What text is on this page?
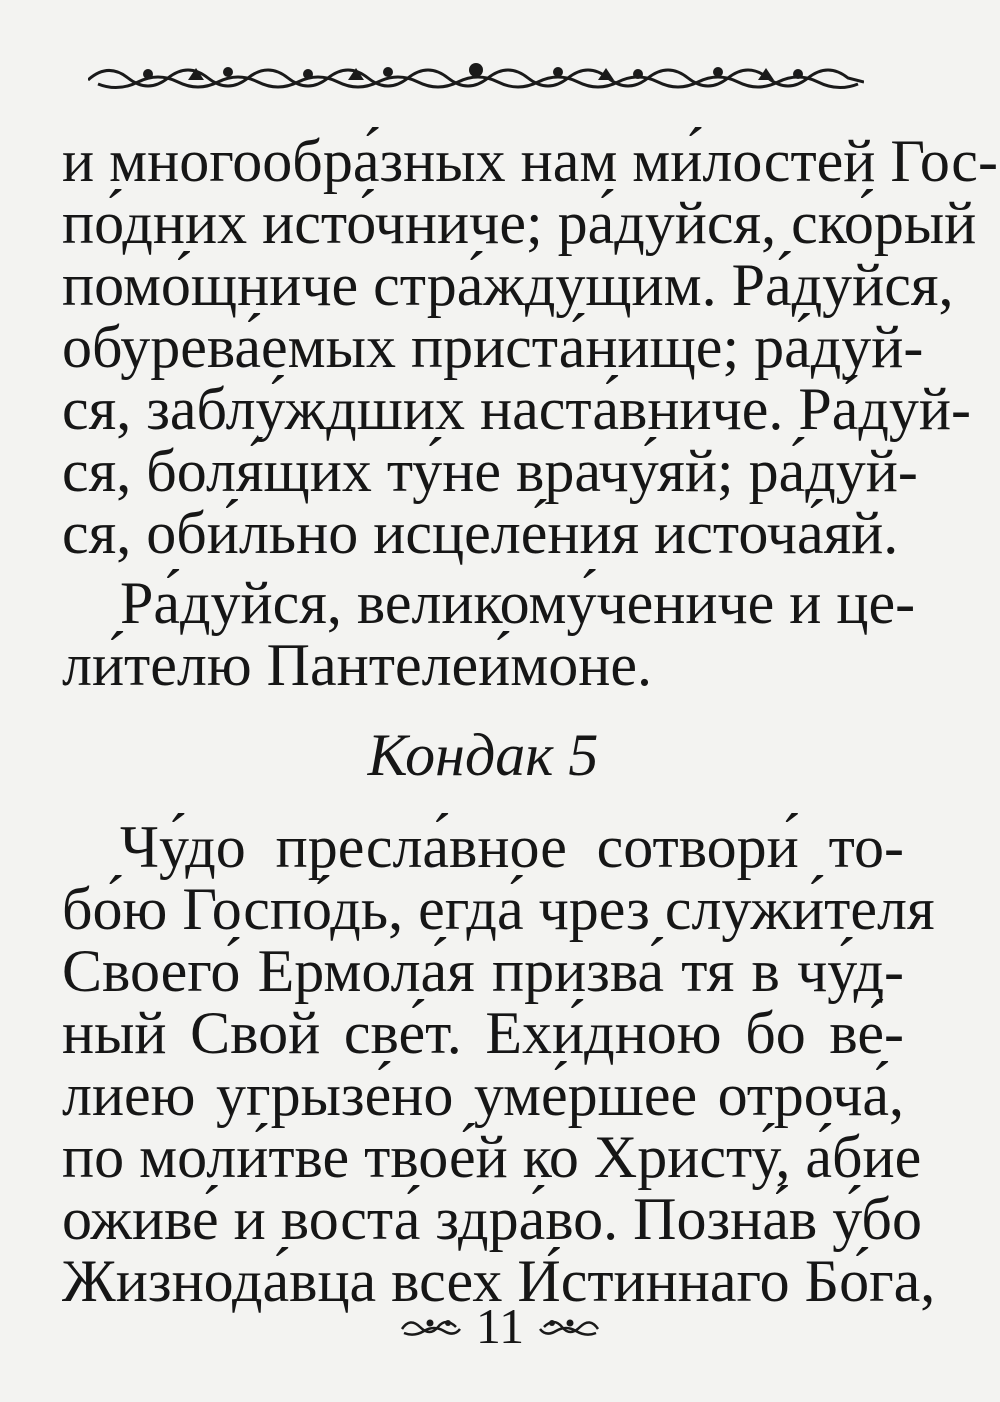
и многообра́зных нам ми́лостей Гос-
по́дних исто́чниче; ра́дуйся, ско́рый
помо́щниче стра́ждущим. Ра́дуйся,
обурева́емых приста́нище; ра́дуй-
ся, заблу́ждших наста́вниче. Ра́дуй-
ся, боля́щих ту́не врачу́яй; ра́дуй-
ся, оби́льно исцеле́ния источа́яй.
Ра́дуйся, великому́чениче и це-
ли́телю Пантелеи́моне.
Кондак 5
Чу́до пресла́вное сотвори́ то-
бо́ю Госпо́дь, егда́ чрез служи́теля
Своего́ Ермола́я призва́ тя в чу́д-
ный Свой све́т. Ехи́дною бо ве́-
лиею угрызе́но уме́ршее отроча́,
по моли́тве твое́й ко Христу́, а́бие
оживе́ и воста́ здра́во. Позна́в у́бо
Жизнода́вца всех И́стиннаго Бо́га,
11
